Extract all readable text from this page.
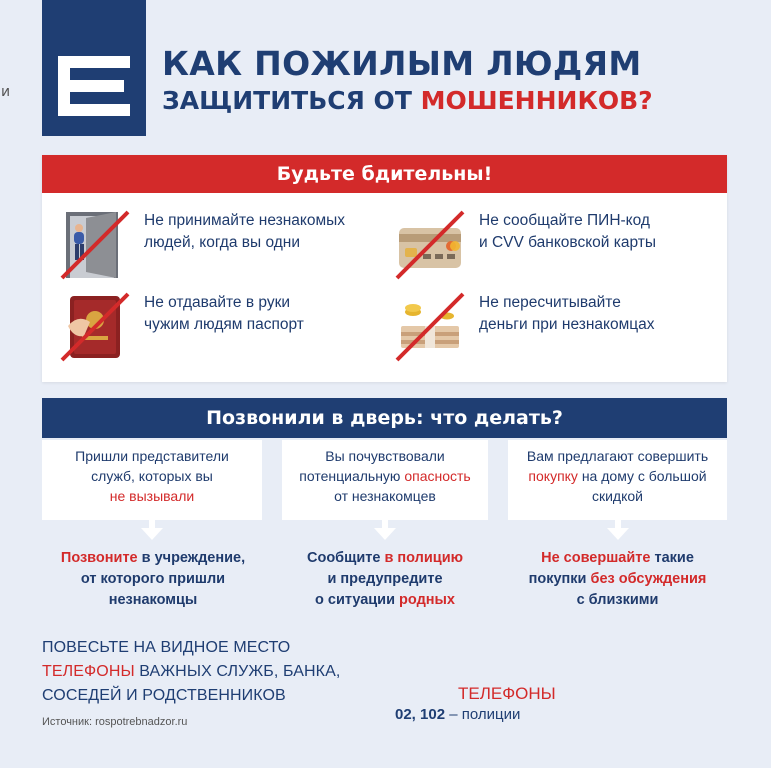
и
КАК ПОЖИЛЫМ ЛЮДЯМ
ЗАЩИТИТЬСЯ ОТ МОШЕННИКОВ?
Будьте бдительны!
Не принимайте незнакомых
людей, когда вы одни
Не сообщайте ПИН-код
и CVV банковской карты
Не отдавайте в руки
чужим людям паспорт
Не пересчитывайте
деньги при незнакомцах
Позвонили в дверь: что делать?
Пришли представители
служб, которых вы
не вызывали
Вы почувствовали
потенциальную опасность
от незнакомцев
Вам предлагают совершить
покупку на дому с большой
скидкой
Позвоните в учреждение,
от которого пришли
незнакомцы
Сообщите в полицию
и предупредите
о ситуации родных
Не совершайте такие
покупки без обсуждения
с близкими
ПОВЕСЬТЕ НА ВИДНОЕ МЕСТО
ТЕЛЕФОНЫ ВАЖНЫХ СЛУЖБ, БАНКА,
СОСЕДЕЙ И РОДСТВЕННИКОВ
Источник: rospotrebnadzor.ru
ТЕЛЕФОНЫ
02, 102 – полиции
